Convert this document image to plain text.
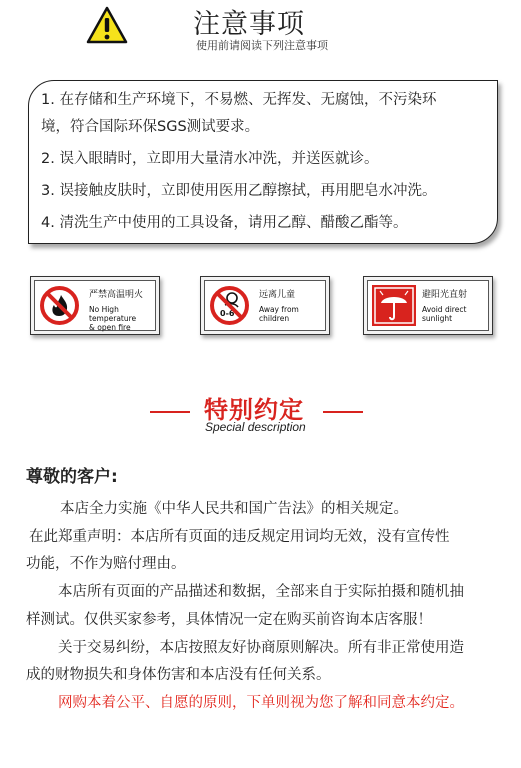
注意事项
使用前请阅读下列注意事项
1. 在存储和生产环境下，不易燃、无挥发、无腐蚀，不污染环
境，符合国际环保SGS测试要求。
2. 误入眼睛时，立即用大量清水冲洗，并送医就诊。
3. 误接触皮肤时，立即使用医用乙醇擦拭，再用肥皂水冲洗。
4. 清洗生产中使用的工具设备，请用乙醇、醋酸乙酯等。
严禁高温明火
No High temperature
& open fire
0-6
远离儿童
Away from
children
避阳光直射
Avoid direct
sunlight
特别约定
Special description
尊敬的客户:
本店全力实施《中华人民共和国广告法》的相关规定。
在此郑重声明：本店所有页面的违反规定用词均无效，没有宣传性
功能，不作为赔付理由。
本店所有页面的产品描述和数据，全部来自于实际拍摄和随机抽
样测试。仅供买家参考，具体情况一定在购买前咨询本店客服！
关于交易纠纷，本店按照友好协商原则解决。所有非正常使用造
成的财物损失和身体伤害和本店没有任何关系。
网购本着公平、自愿的原则，下单则视为您了解和同意本约定。
